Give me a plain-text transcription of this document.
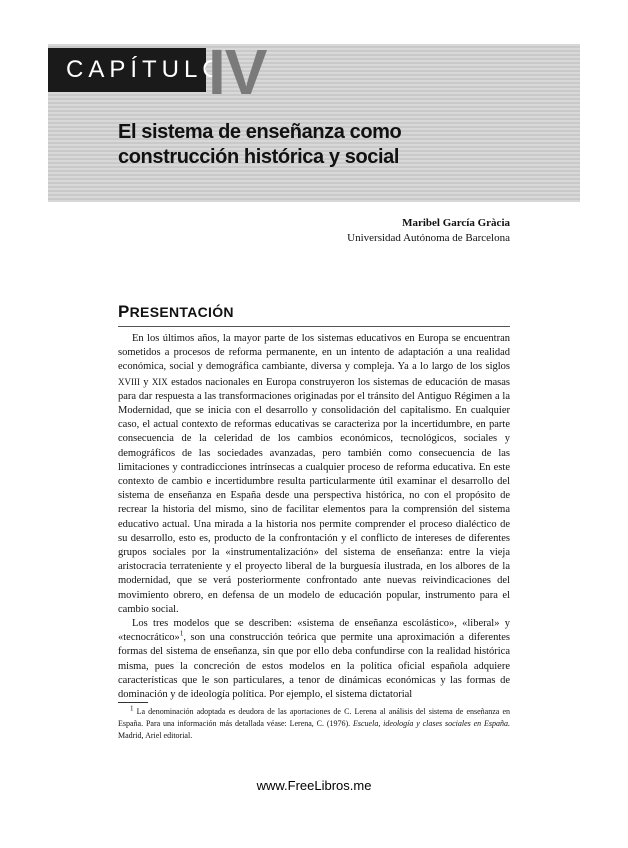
CAPÍTULO
IV
El sistema de enseñanza como
construcción histórica y social
Maribel García Gràcia
Universidad Autónoma de Barcelona
PRESENTACIÓN

En los últimos años, la mayor parte de los sistemas educativos en Europa se encuentran sometidos a procesos de reforma permanente, en un intento de adaptación a una realidad económica, social y demográfica cambiante, diversa y compleja. Ya a lo largo de los siglos XVIII y XIX estados nacionales en Europa construyeron los sistemas de educación de masas para dar respuesta a las transformaciones originadas por el tránsito del Antiguo Régimen a la Modernidad, que se inicia con el desarrollo y consolidación del capitalismo. En cualquier caso, el actual contexto de reformas educativas se caracteriza por la incertidumbre, en parte consecuencia de la celeridad de los cambios económicos, tecnológicos, sociales y demográficos de las sociedades avanzadas, pero también como consecuencia de las limitaciones y contradicciones intrínsecas a cualquier proceso de reforma educativa. En este contexto de cambio e incertidumbre resulta particularmente útil examinar el desarrollo del sistema de enseñanza en España desde una perspectiva histórica, no con el propósito de recrear la historia del mismo, sino de facilitar elementos para la comprensión del sistema educativo actual. Una mirada a la historia nos permite comprender el proceso dialéctico de su desarrollo, esto es, producto de la confrontación y el conflicto de intereses de diferentes grupos sociales por la «instrumentalización» del sistema de enseñanza: entre la vieja aristocracia terrateniente y el proyecto liberal de la burguesía ilustrada, en los albores de la modernidad, que se verá posteriormente confrontado ante nuevas reivindicaciones del movimiento obrero, en defensa de un modelo de educación popular, instrumento para el cambio social.

Los tres modelos que se describen: «sistema de enseñanza escolástico», «liberal» y «tecnocrático»$^1$, son una construcción teórica que permite una aproximación a diferentes formas del sistema de enseñanza, sin que por ello deba confundirse con la realidad histórica misma, pues la concreción de estos modelos en la política oficial española adquiere características que le son particulares, a tenor de dinámicas económicas y las formas de dominación y de ideología política. Por ejemplo, el sistema dictatorial

$^1$ La denominación adoptada es deudora de las aportaciones de C. Lerena al análisis del sistema de enseñanza en España. Para una información más detallada véase: Lerena, C. (1976). Escuela, ideología y clases sociales en España. Madrid, Ariel editorial.

www.FreeLibros.me
